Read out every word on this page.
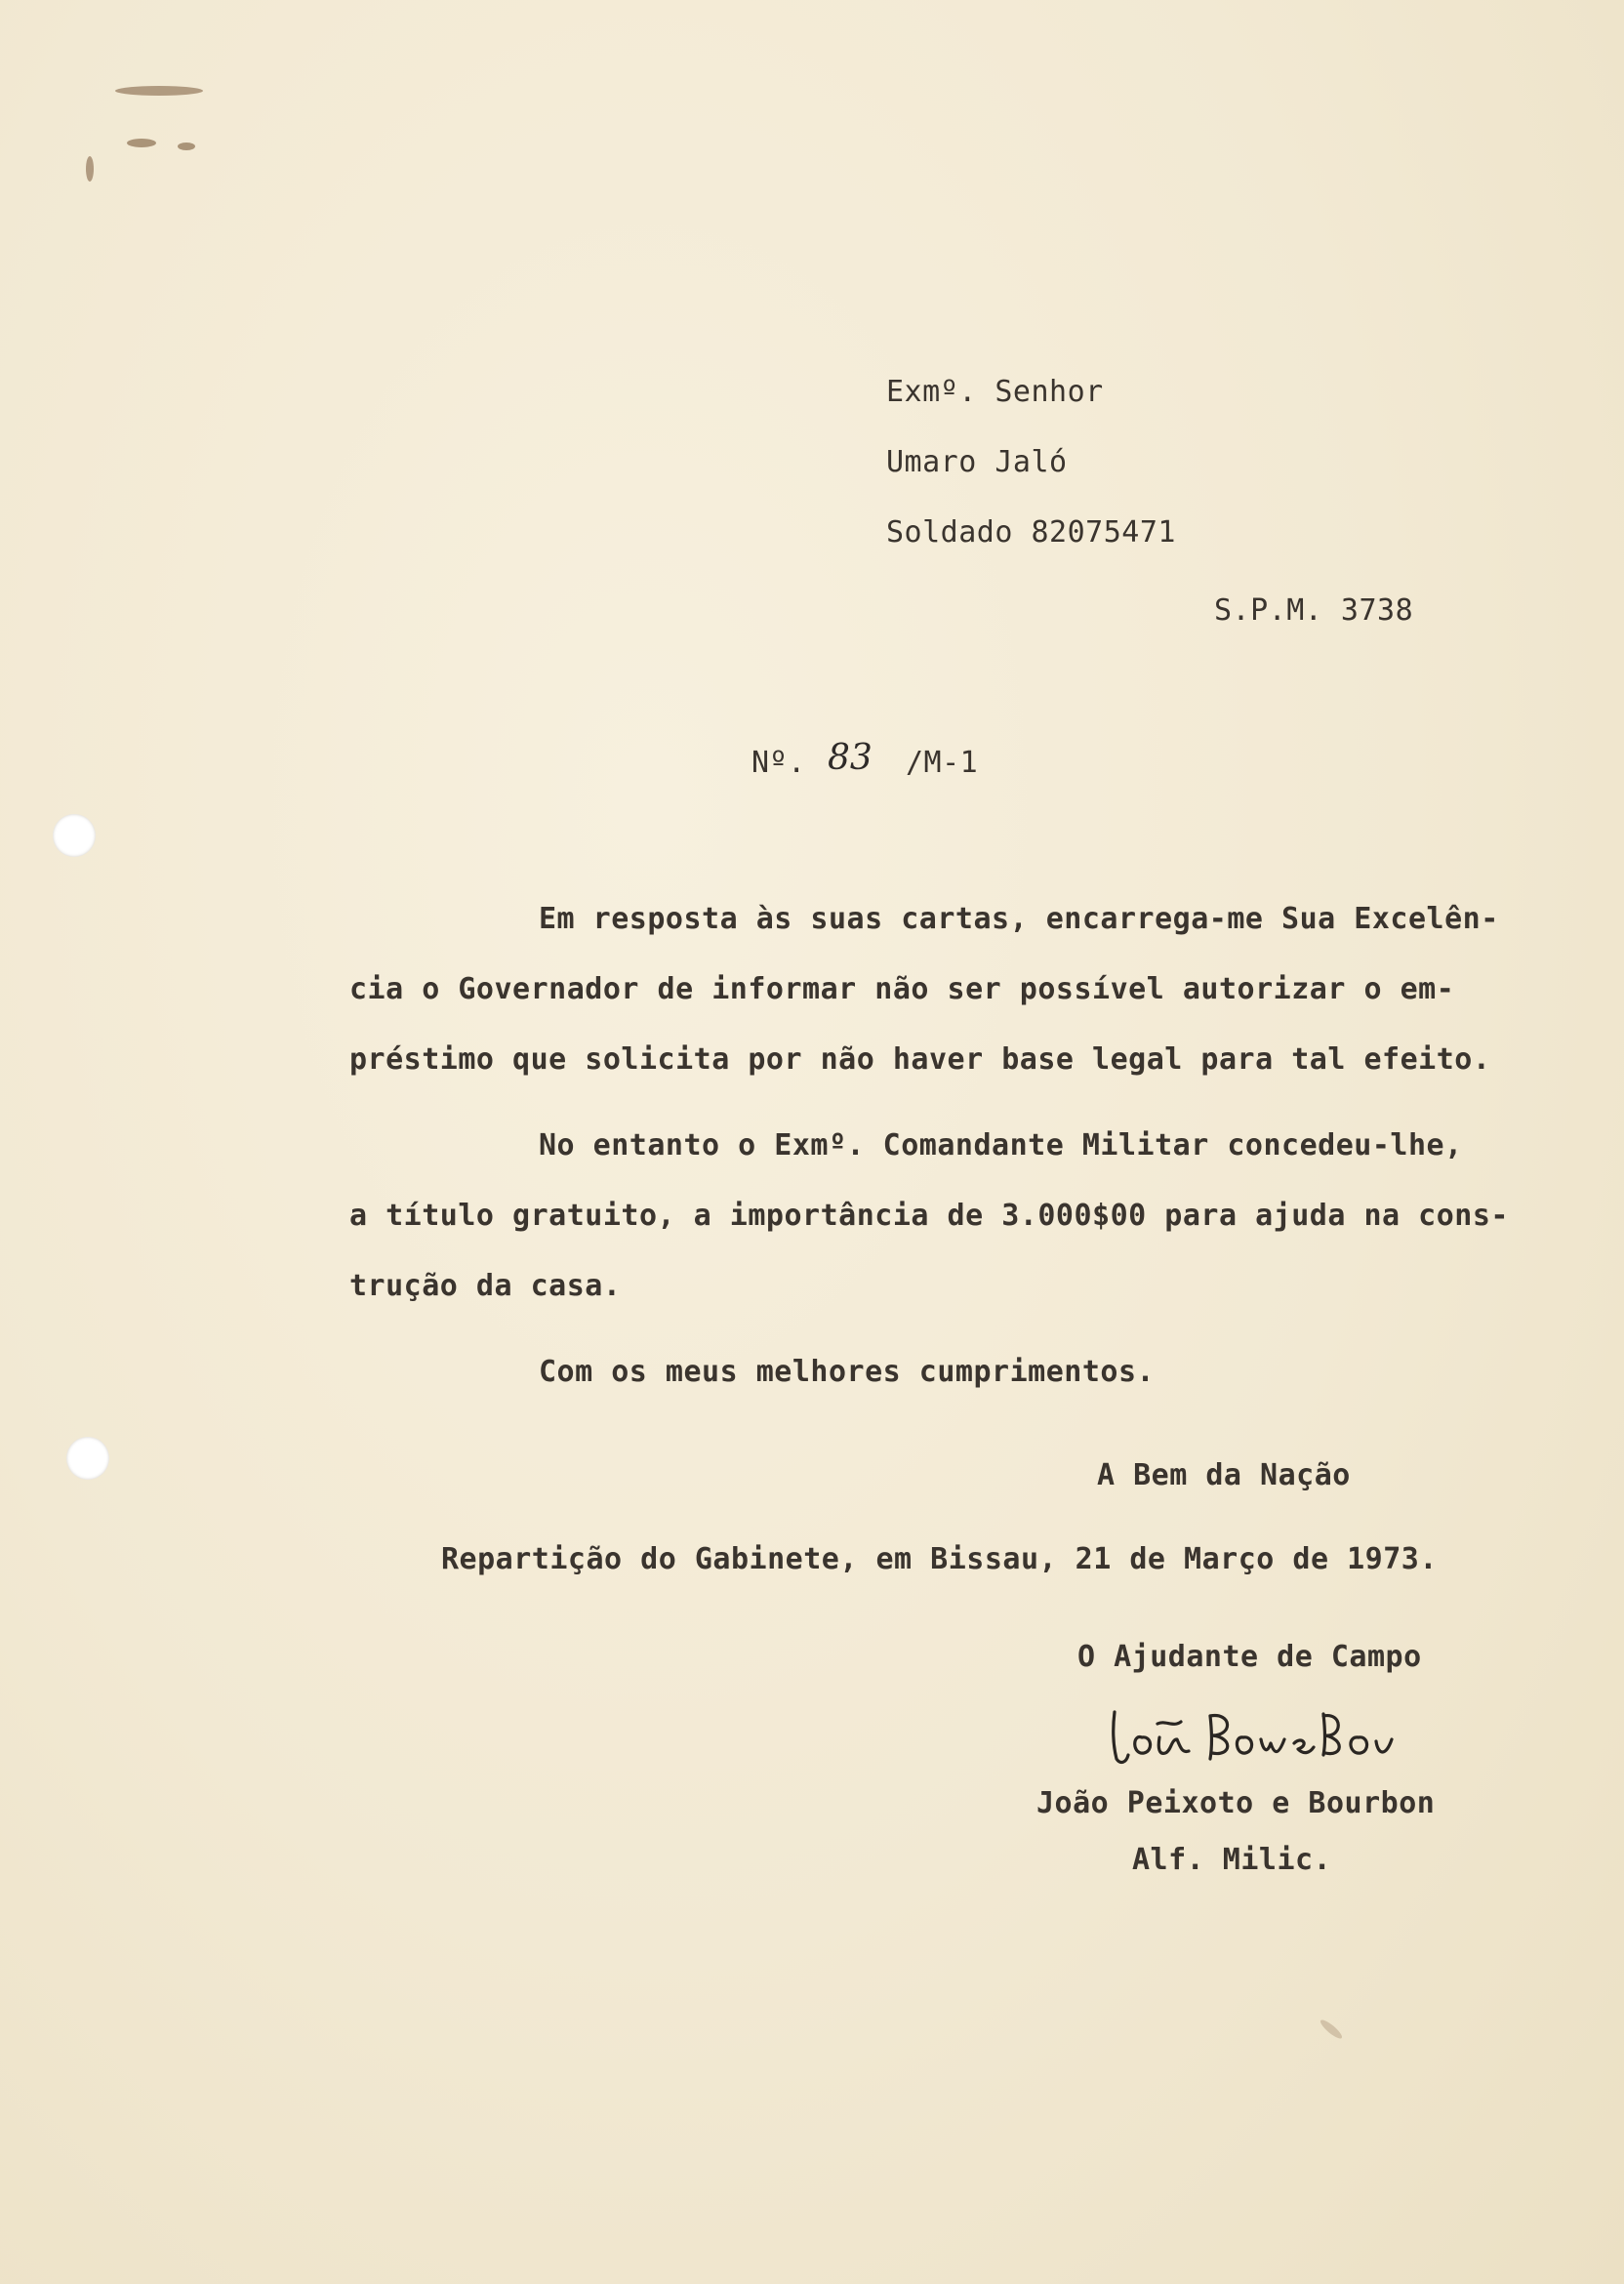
Exmº. Senhor
Umaro Jaló
Soldado 82075471
S.P.M. 3738
Nº. 83 /M-1
Em resposta às suas cartas, encarrega-me Sua Excelên-
cia o Governador de informar não ser possível autorizar o em-
préstimo que solicita por não haver base legal para tal efeito.
No entanto o Exmº. Comandante Militar concedeu-lhe,
a título gratuito, a importância de 3.000$00 para ajuda na cons-
trução da casa.
Com os meus melhores cumprimentos.
A Bem da Nação
Repartição do Gabinete, em Bissau, 21 de Março de 1973.
O Ajudante de Campo
João Peixoto e Bourbon
Alf. Milic.
